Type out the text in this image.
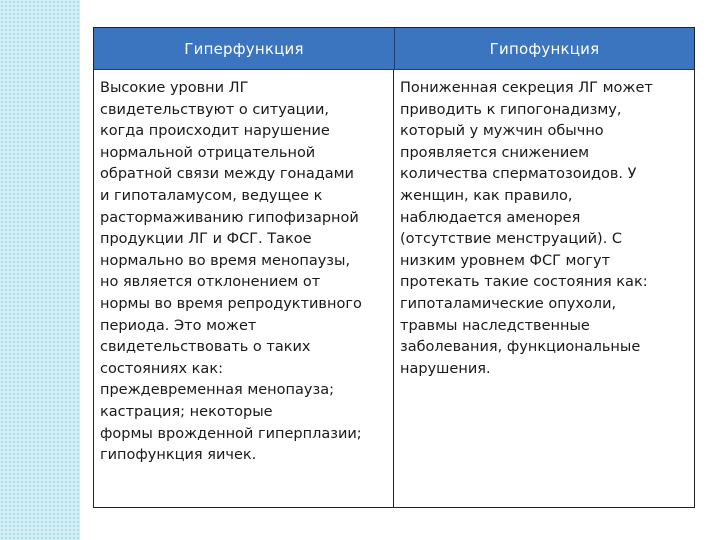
Гиперфункция	Гипофункция
Высокие уровни ЛГ
свидетельствуют о ситуации,
когда происходит нарушение
нормальной отрицательной
обратной связи между гонадами
и гипоталамусом, ведущее к
растормаживанию гипофизарной
продукции ЛГ и ФСГ. Такое
нормально во время менопаузы,
но является отклонением от
нормы во время репродуктивного
периода. Это может
свидетельствовать о таких
состояниях как:
преждевременная менопауза;
кастрация; некоторые
формы врожденной гиперплазии;
гипофункция яичек.
Пониженная секреция ЛГ может
приводить к гипогонадизму,
который у мужчин обычно
проявляется снижением
количества сперматозоидов. У
женщин, как правило,
наблюдается аменорея
(отсутствие менструаций). С
низким уровнем ФСГ могут
протекать такие состояния как:
гипоталамические опухоли,
травмы наследственные
заболевания, функциональные
нарушения.
